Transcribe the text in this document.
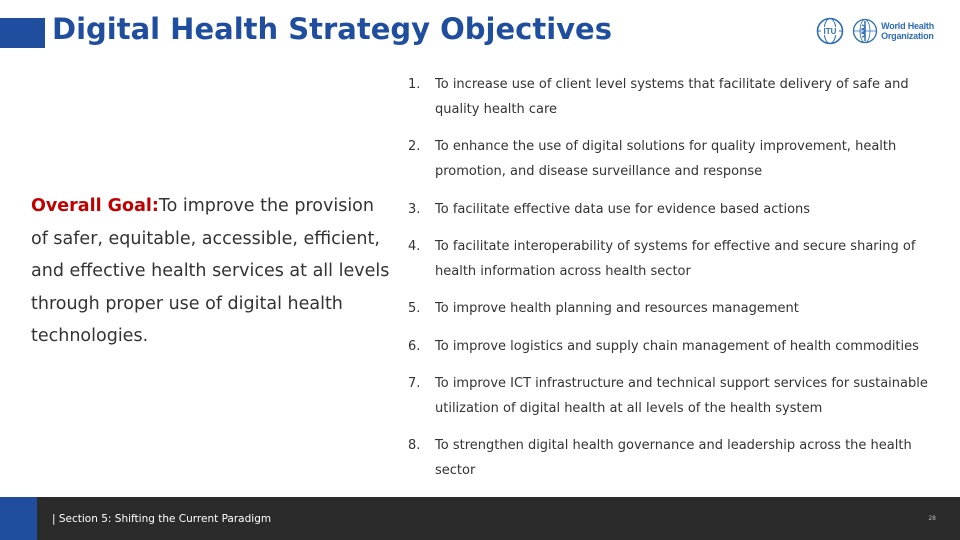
Digital Health Strategy Objectives	ITU
World Health
Organization
Overall Goal:To improve the provision of safer, equitable, accessible, efficient, and effective health services at all levels through proper use of digital health technologies.
1.	To increase use of client level systems that facilitate delivery of safe and quality health care
2.	To enhance the use of digital solutions for quality improvement, health promotion, and disease surveillance and response
3.	To facilitate effective data use for evidence based actions
4.	To facilitate interoperability of systems for effective and secure sharing of health information across health sector
5.	To improve health planning and resources management
6.	To improve logistics and supply chain management of health commodities
7.	To improve ICT infrastructure and technical support services for sustainable utilization of digital health at all levels of the health system
8.	To strengthen digital health governance and leadership across the health sector
| Section 5: Shifting the Current Paradigm	28
